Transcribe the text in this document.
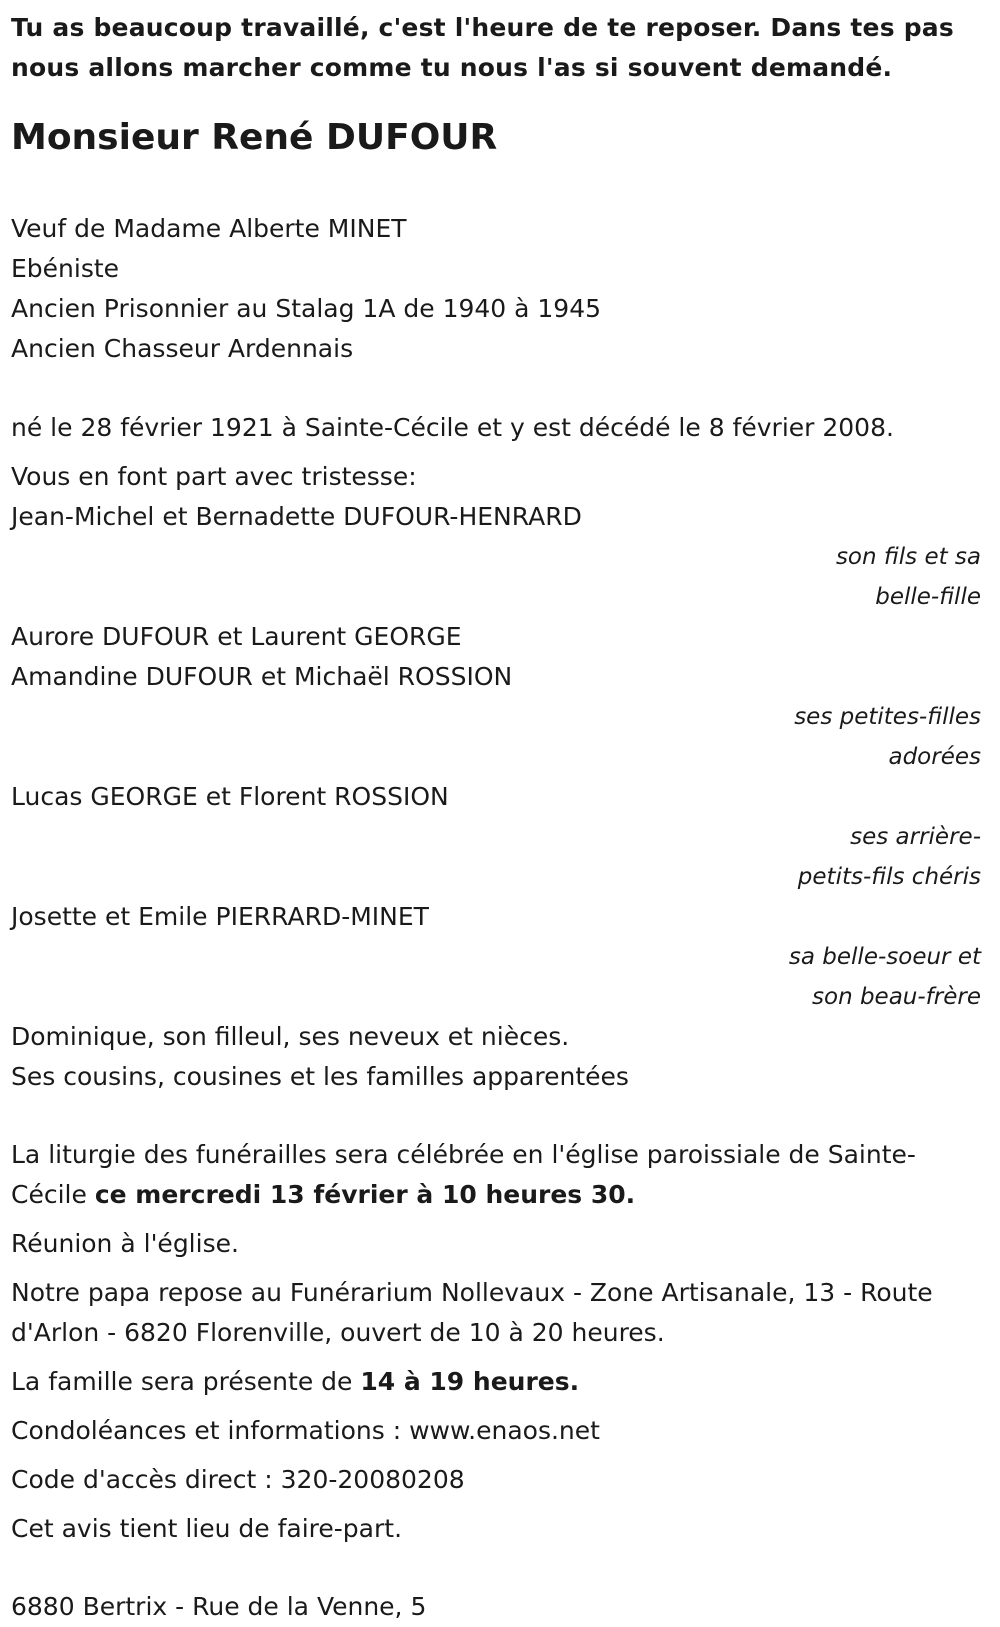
Tu as beaucoup travaillé, c'est l'heure de te reposer. Dans tes pas
nous allons marcher comme tu nous l'as si souvent demandé.
Monsieur René DUFOUR
Veuf de Madame Alberte MINET
Ebéniste
Ancien Prisonnier au Stalag 1A de 1940 à 1945
Ancien Chasseur Ardennais
né le 28 février 1921 à Sainte-Cécile et y est décédé le 8 février 2008.
Vous en font part avec tristesse:
Jean-Michel et Bernadette DUFOUR-HENRARD
son fils et sa
belle-fille
Aurore DUFOUR et Laurent GEORGE
Amandine DUFOUR et Michaël ROSSION
ses petites-filles
adorées
Lucas GEORGE et Florent ROSSION
ses arrière-
petits-fils chéris
Josette et Emile PIERRARD-MINET
sa belle-soeur et
son beau-frère
Dominique, son filleul, ses neveux et nièces.
Ses cousins, cousines et les familles apparentées
La liturgie des funérailles sera célébrée en l'église paroissiale de Sainte-
Cécile ce mercredi 13 février à 10 heures 30.
Réunion à l'église.
Notre papa repose au Funérarium Nollevaux - Zone Artisanale, 13 - Route
d'Arlon - 6820 Florenville, ouvert de 10 à 20 heures.
La famille sera présente de 14 à 19 heures.
Condoléances et informations : www.enaos.net
Code d'accès direct : 320-20080208
Cet avis tient lieu de faire-part.
6880 Bertrix - Rue de la Venne, 5
